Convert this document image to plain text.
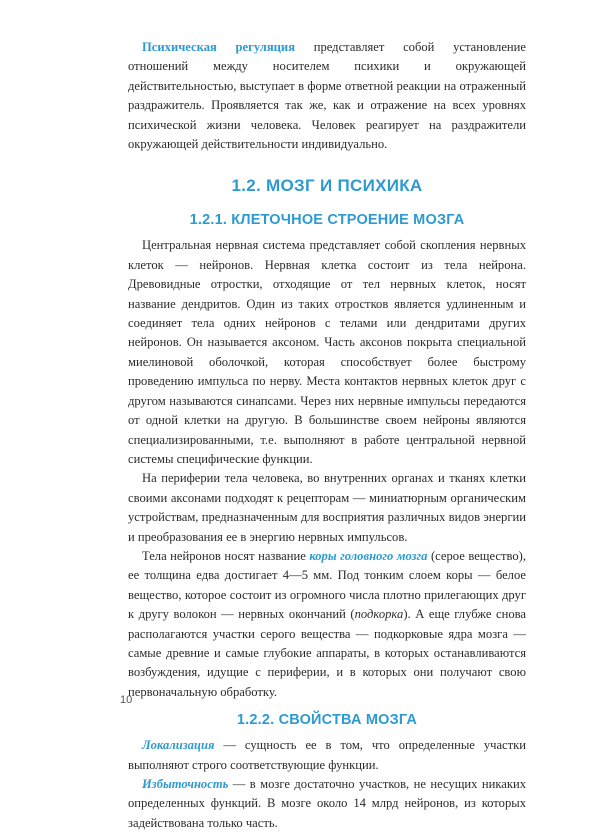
Психическая регуляция представляет собой установление отношений между носителем психики и окружающей действительностью, выступает в форме ответной реакции на отраженный раздражитель. Проявляется так же, как и отражение на всех уровнях психической жизни человека. Человек реагирует на раздражители окружающей действительности индивидуально.

1.2. МОЗГ И ПСИХИКА
1.2.1. КЛЕТОЧНОЕ СТРОЕНИЕ МОЗГА

Центральная нервная система представляет собой скопления нервных клеток — нейронов. Нервная клетка состоит из тела нейрона. Древовидные отростки, отходящие от тел нервных клеток, носят название дендритов. Один из таких отростков является удлиненным и соединяет тела одних нейронов с телами или дендритами других нейронов. Он называется аксоном. Часть аксонов покрыта специальной миелиновой оболочкой, которая способствует более быстрому проведению импульса по нерву. Места контактов нервных клеток друг с другом называются синапсами. Через них нервные импульсы передаются от одной клетки на другую. В большинстве своем нейроны являются специализированными, т.е. выполняют в работе центральной нервной системы специфические функции.

На периферии тела человека, во внутренних органах и тканях клетки своими аксонами подходят к рецепторам — миниатюрным органическим устройствам, предназначенным для восприятия различных видов энергии и преобразования ее в энергию нервных импульсов.

Тела нейронов носят название коры головного мозга (серое вещество), ее толщина едва достигает 4—5 мм. Под тонким слоем коры — белое вещество, которое состоит из огромного числа плотно прилегающих друг к другу волокон — нервных окончаний (подкорка). А еще глубже снова располагаются участки серого вещества — подкорковые ядра мозга — самые древние и самые глубокие аппараты, в которых останавливаются возбуждения, идущие с периферии, и в которых они получают свою первоначальную обработку.

1.2.2. СВОЙСТВА МОЗГА

Локализация — сущность ее в том, что определенные участки выполняют строго соответствующие функции.

Избыточность — в мозге достаточно участков, не несущих никаких определенных функций. В мозге около 14 млрд нейронов, из которых задействована только часть.

10
